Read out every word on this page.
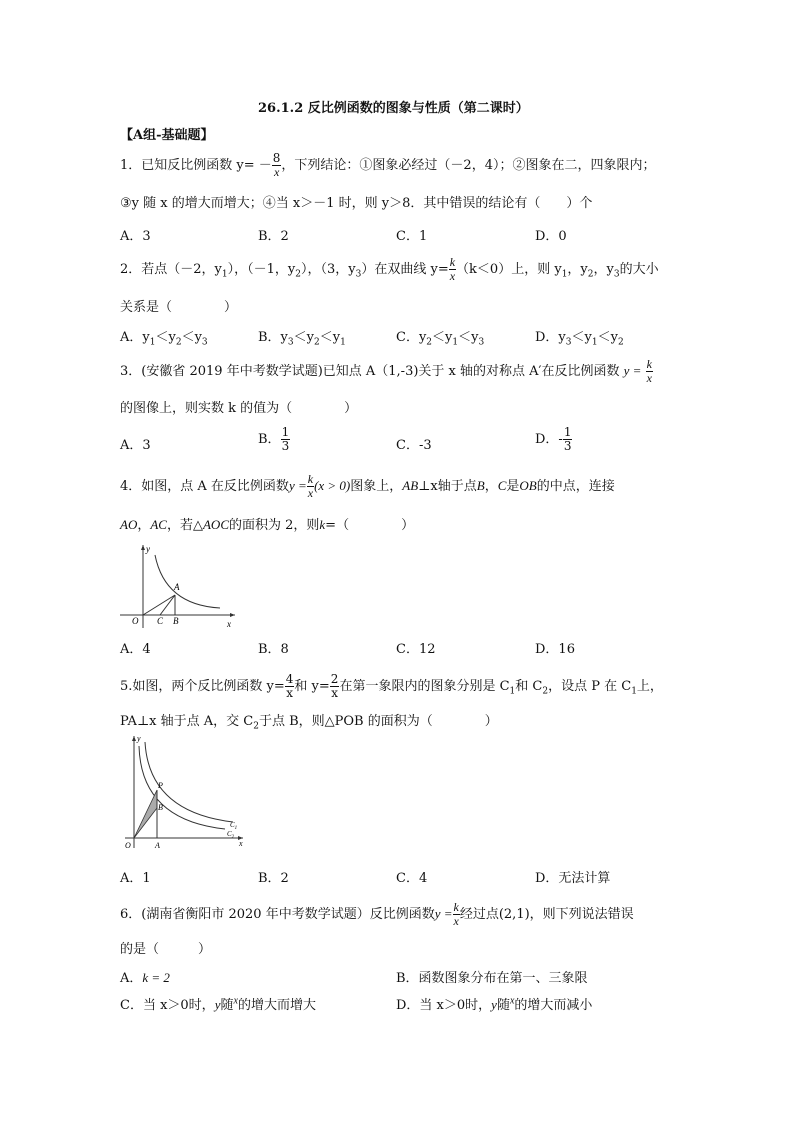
26.1.2 反比例函数的图象与性质（第二课时）
【A组-基础题】
1．已知反比例函数 $y= - \frac{8}{x}$ ，下列结论：①图象必经过（－2，4）；②图象在二，四象限内；
③y 随 x 的增大而增大；④当 x＞－1 时，则 y＞8．其中错误的结论有（　　）个
A．3	B．2	C．1	D．0
2．若点（－2，$y_1$），（－1，$y_2$），（3，$y_3$）在双曲线 $y= \frac{k}{x} (k<0)$上，则 $y_1$，$y_2$，$y_3$的大小
关系是（　　　　）
A．$y_1<y_2<y_3$	B．$y_3<y_2<y_1$	C．$y_2<y_1<y_3$	D．$y_3<y_1<y_2$
3．(安徽省 2019 年中考数学试题)已知点 A（1,-3)关于 x 轴的对称点 A′在反比例函数 $y = \frac{k}{x}$
的图像上，则实数 k 的值为（　　　　）
A．3	B． $\frac{1}{3}$	C．-3	D．- $\frac{1}{3}$
4．如图，点 A 在反比例函数$y = \frac{k}{x} (x > 0)$图象上，AB⊥x轴于点B，C是OB的中点，连接
AO，AC，若△AOC的面积为 2，则k=（　　　　）
y
x
O
A
C B
A．4	B．8	C．12	D．16
5.如图，两个反比例函数 $y= \frac{4}{x}$ 和 $y= \frac{2}{x}$ 在第一象限内的图象分别是 $C_1$和 $C_2$，设点 P 在 $C_1$上，
PA⊥x 轴于点 A，交 $C_2$于点 B，则△POB 的面积为（　　　　）
y
x
O	A
P
B
$C_1$
$C_2$
A．1	B．2	C．4	D．无法计算
6．(湖南省衡阳市 2020 年中考数学试题）反比例函数$y = \frac{k}{x}$ 经过点(2,1)，则下列说法错误
的是（　　　）
A．k = 2	B．函数图象分布在第一、三象限
C．当 x＞0时，y随$^x$的增大而增大	D．当 x＞0时，y随$^x$的增大而减小
